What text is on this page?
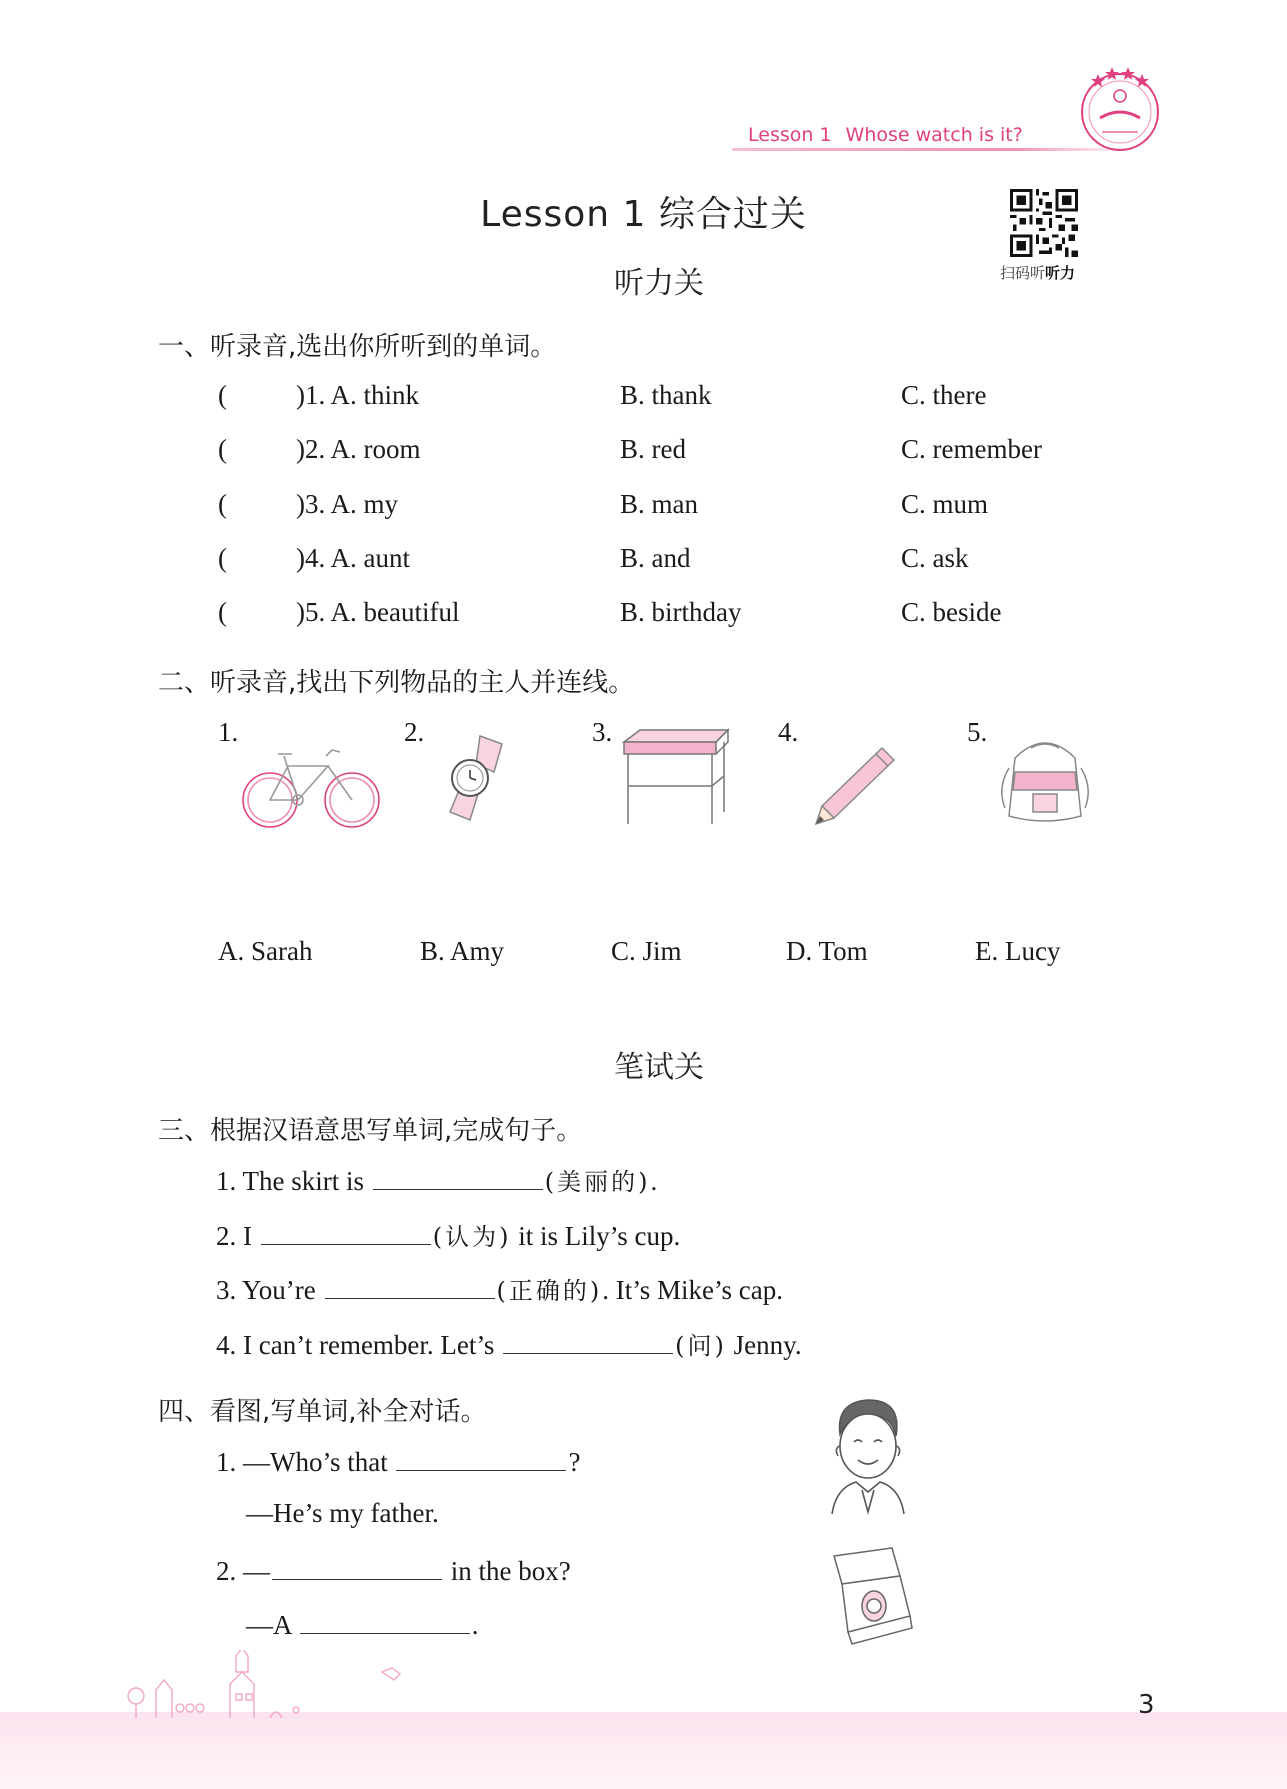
Lesson 1 Whose watch is it?
Lesson 1 综合过关
扫码听听力
听力关
一、听录音,选出你所听到的单词。
(	)1. A. think	B. thank	C. there
(	)2. A. room	B. red	C. remember
(	)3. A. my	B. man	C. mum
(	)4. A. aunt	B. and	C. ask
(	)5. A. beautiful	B. birthday	C. beside
二、听录音,找出下列物品的主人并连线。
1.	2.	3.	4.	5.
A. Sarah	B. Amy	C. Jim	D. Tom	E. Lucy
笔试关
三、根据汉语意思写单词,完成句子。
1. The skirt is	(美丽的).
2. I	(认为) it is Lily’s cup.
3. You’re	(正确的). It’s Mike’s cap.
4. I can’t remember. Let’s	(问) Jenny.
四、看图,写单词,补全对话。
1. —Who’s that	?
—He’s my father.
2. —	in the box?
—A	.
3
